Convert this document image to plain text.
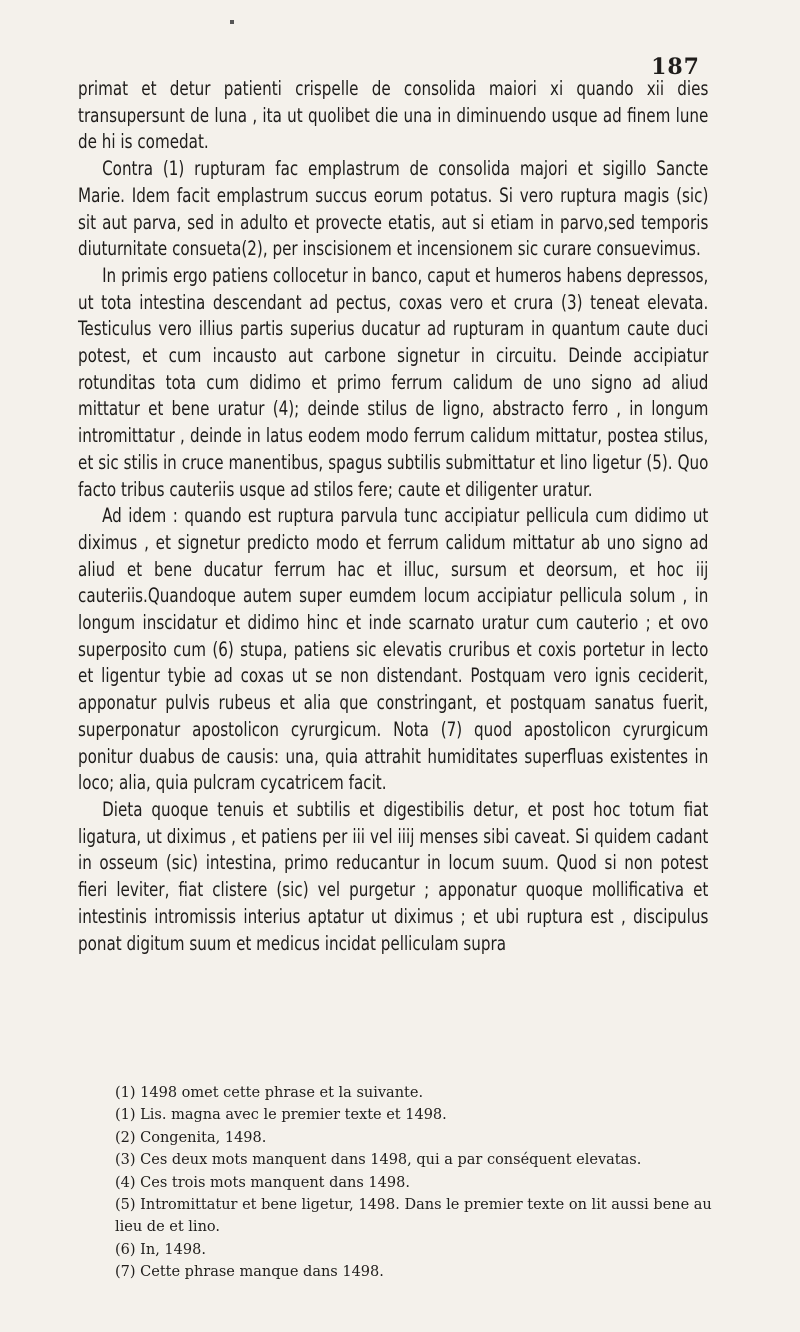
187

primat et detur patienti crispelle de consolida maiori xi quando xii dies transupersunt de luna , ita ut quolibet die una in diminuendo usque ad finem lune de hi is comedat.

Contra (1) rupturam fac emplastrum de consolida majori et sigillo Sancte Marie. Idem facit emplastrum succus eorum potatus. Si vero ruptura magis (sic) sit aut parva, sed in adulto et provecte etatis, aut si etiam in parvo,sed temporis diuturnitate consueta(2), per inscisionem et incensionem sic curare consuevimus.

In primis ergo patiens collocetur in banco, caput et humeros habens depressos, ut tota intestina descendant ad pectus, coxas vero et crura (3) teneat elevata. Testiculus vero illius partis superius ducatur ad rupturam in quantum caute duci potest, et cum incausto aut carbone signetur in circuitu. Deinde accipiatur rotunditas tota cum didimo et primo ferrum calidum de uno signo ad aliud mittatur et bene uratur (4); deinde stilus de ligno, abstracto ferro , in longum intromittatur , deinde in latus eodem modo ferrum calidum mittatur, postea stilus, et sic stilis in cruce manentibus, spagus subtilis submittatur et lino ligetur (5). Quo facto tribus cauteriis usque ad stilos fere; caute et diligenter uratur.

Ad idem : quando est ruptura parvula tunc accipiatur pellicula cum didimo ut diximus , et signetur predicto modo et ferrum calidum mittatur ab uno signo ad aliud et bene ducatur ferrum hac et illuc, sursum et deorsum, et hoc iij cauteriis.Quandoque autem super eumdem locum accipiatur pellicula solum , in longum inscidatur et didimo hinc et inde scarnato uratur cum cauterio ; et ovo superposito cum (6) stupa, patiens sic elevatis cruribus et coxis portetur in lecto et ligentur tybie ad coxas ut se non distendant. Postquam vero ignis ceciderit, apponatur pulvis rubeus et alia que constringant, et postquam sanatus fuerit, superponatur apostolicon cyrurgicum. Nota (7) quod apostolicon cyrurgicum ponitur duabus de causis: una, quia attrahit humiditates superfluas existentes in loco; alia, quia pulcram cycatricem facit.

Dieta quoque tenuis et subtilis et digestibilis detur, et post hoc totum fiat ligatura, ut diximus , et patiens per iii vel iiij menses sibi caveat. Si quidem cadant in osseum (sic) intestina, primo reducantur in locum suum. Quod si non potest fieri leviter, fiat clistere (sic) vel purgetur ; apponatur quoque mollificativa et intestinis intromissis interius aptatur ut diximus ; et ubi ruptura est , discipulus ponat digitum suum et medicus incidat pelliculam supra

(1) 1498 omet cette phrase et la suivante.

(1) Lis. magna avec le premier texte et 1498.

(2) Congenita, 1498.

(3) Ces deux mots manquent dans 1498, qui a par conséquent elevatas.

(4) Ces trois mots manquent dans 1498.

(5) Intromittatur et bene ligetur, 1498. Dans le premier texte on lit aussi bene au lieu de et lino.

(6) In, 1498.

(7) Cette phrase manque dans 1498.
